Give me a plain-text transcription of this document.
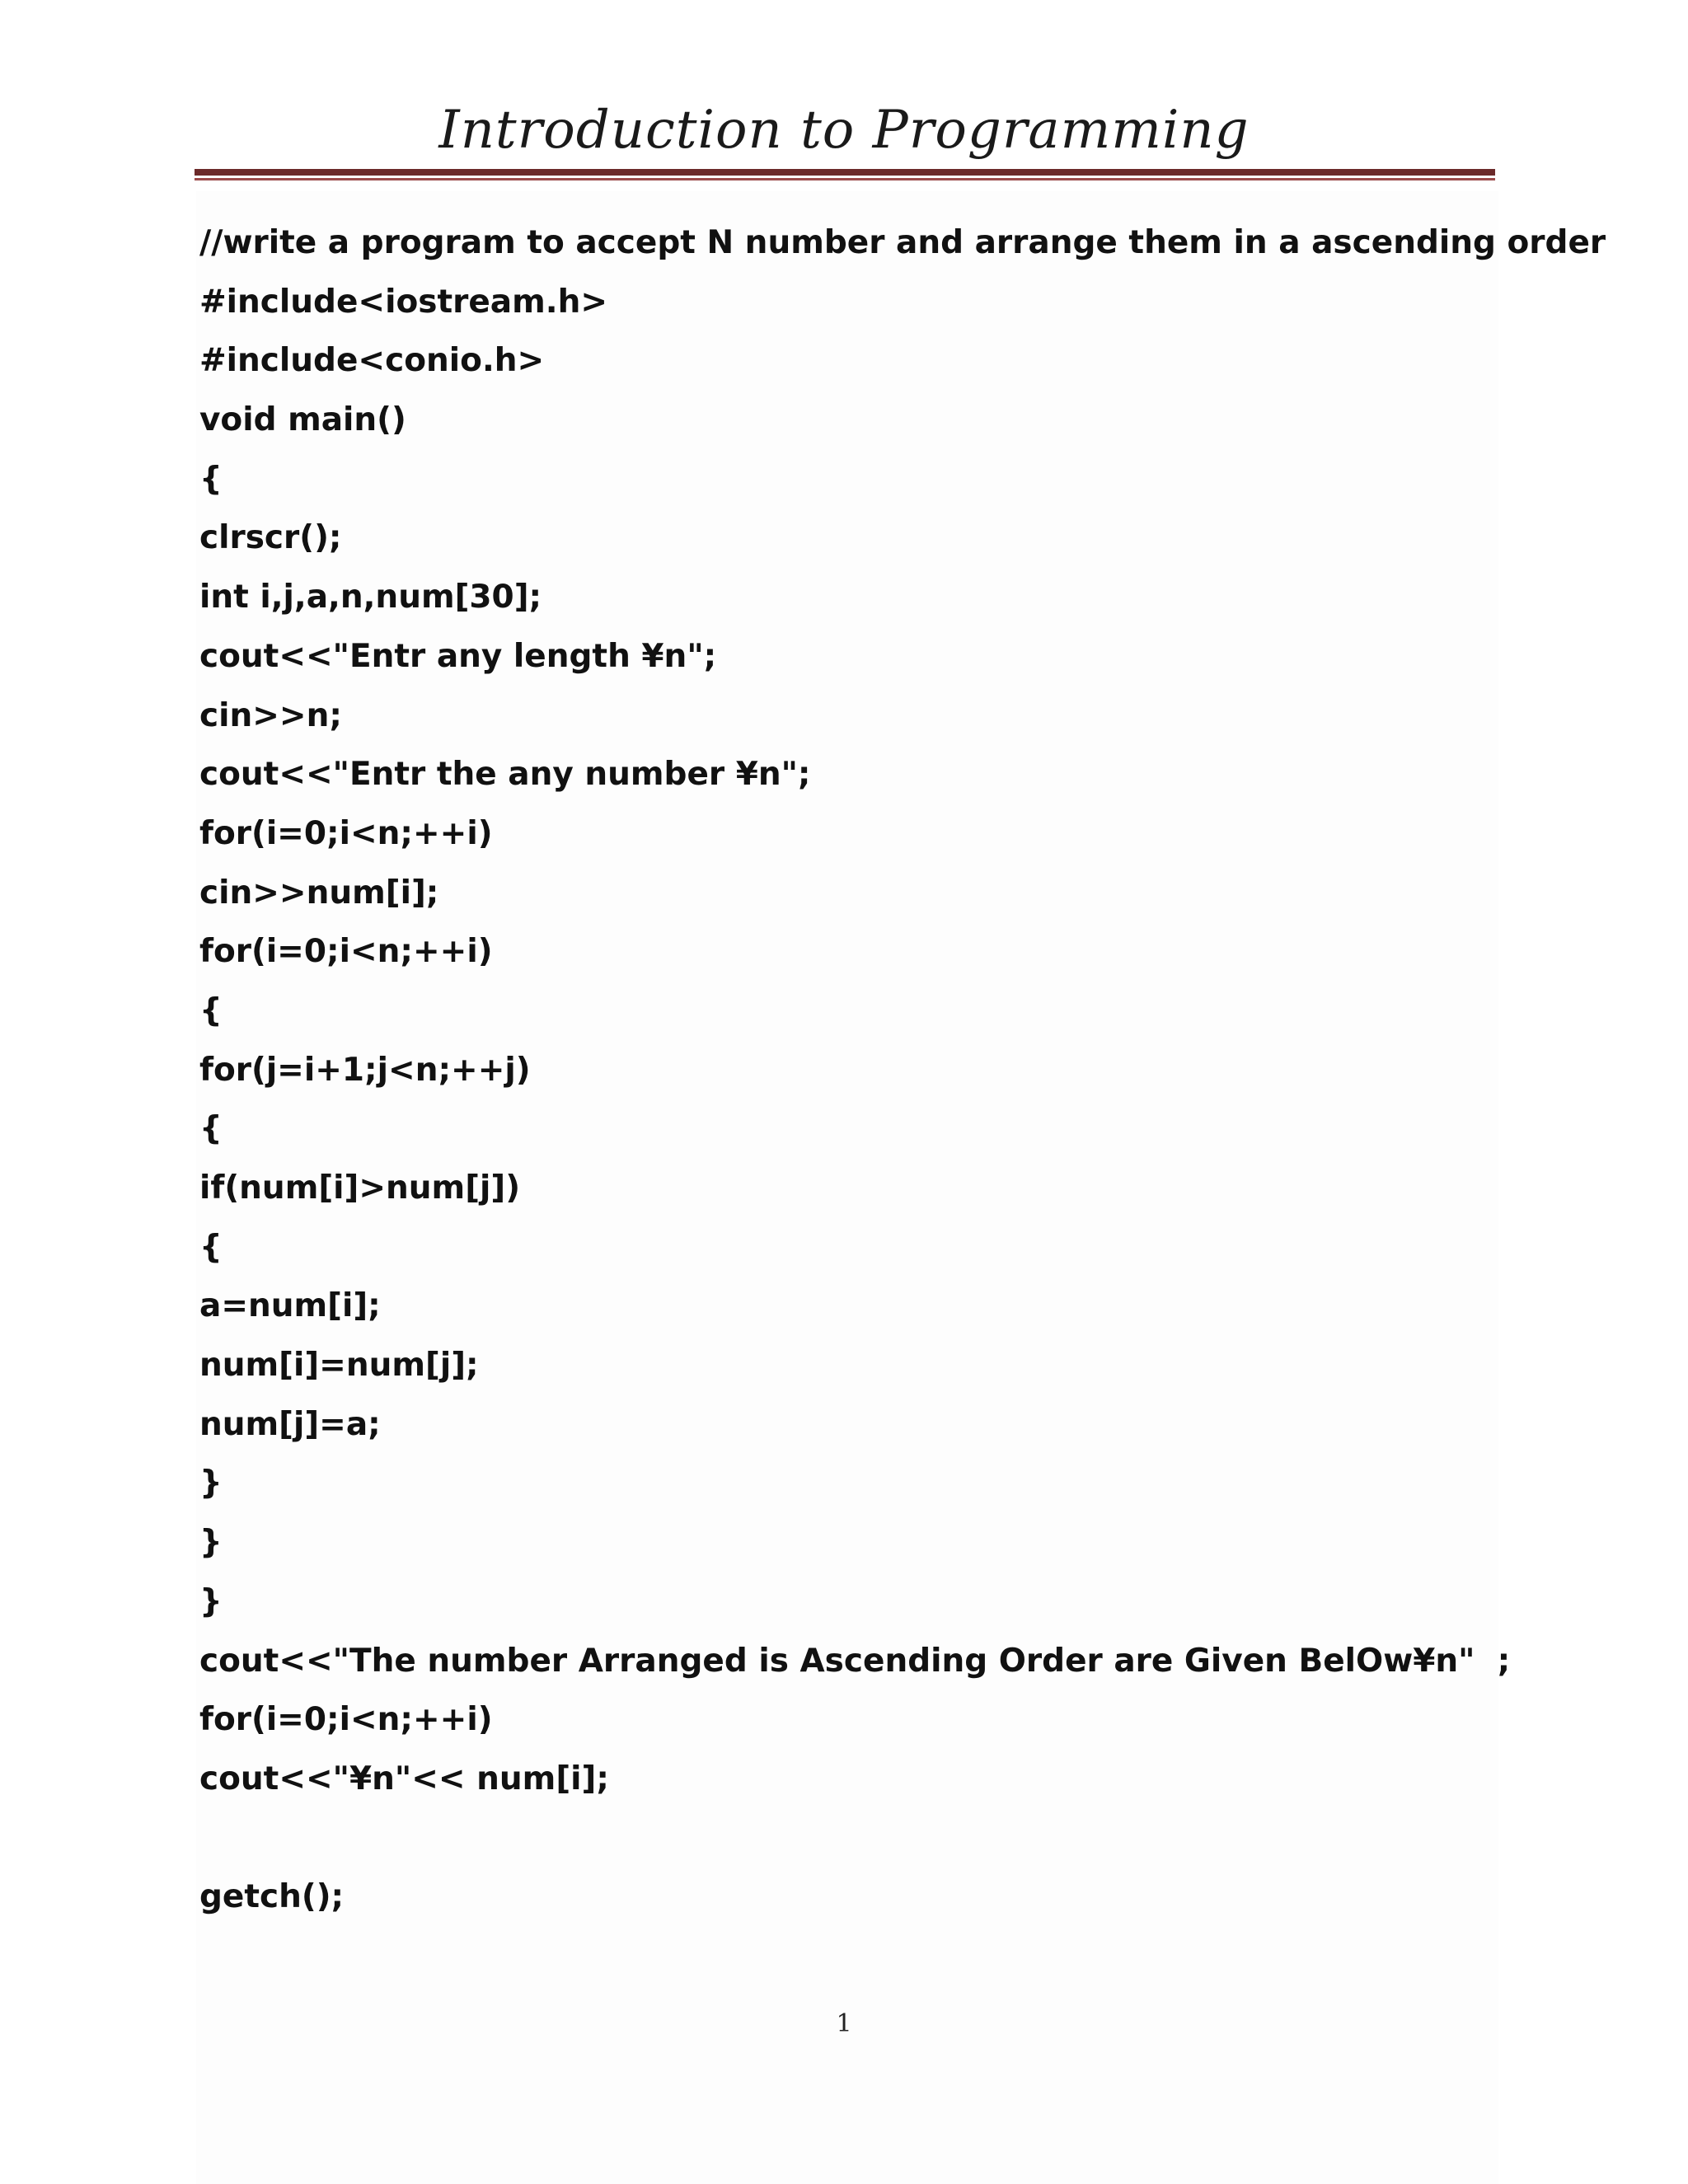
Introduction to Programming
//write a program to accept N number and arrange them in a ascending order
#include<iostream.h>
#include<conio.h>
void main()
{
clrscr();
int i,j,a,n,num[30];
cout<<"Entr any length ¥n";
cin>>n;
cout<<"Entr the any number ¥n";
for(i=0;i<n;++i)
cin>>num[i];
for(i=0;i<n;++i)
{
for(j=i+1;j<n;++j)
{
if(num[i]>num[j])
{
a=num[i];
num[i]=num[j];
num[j]=a;
}
}
}
cout<<"The number Arranged is Ascending Order are Given BelOw¥n"  ;
for(i=0;i<n;++i)
cout<<"¥n"<< num[i];
getch();
1
